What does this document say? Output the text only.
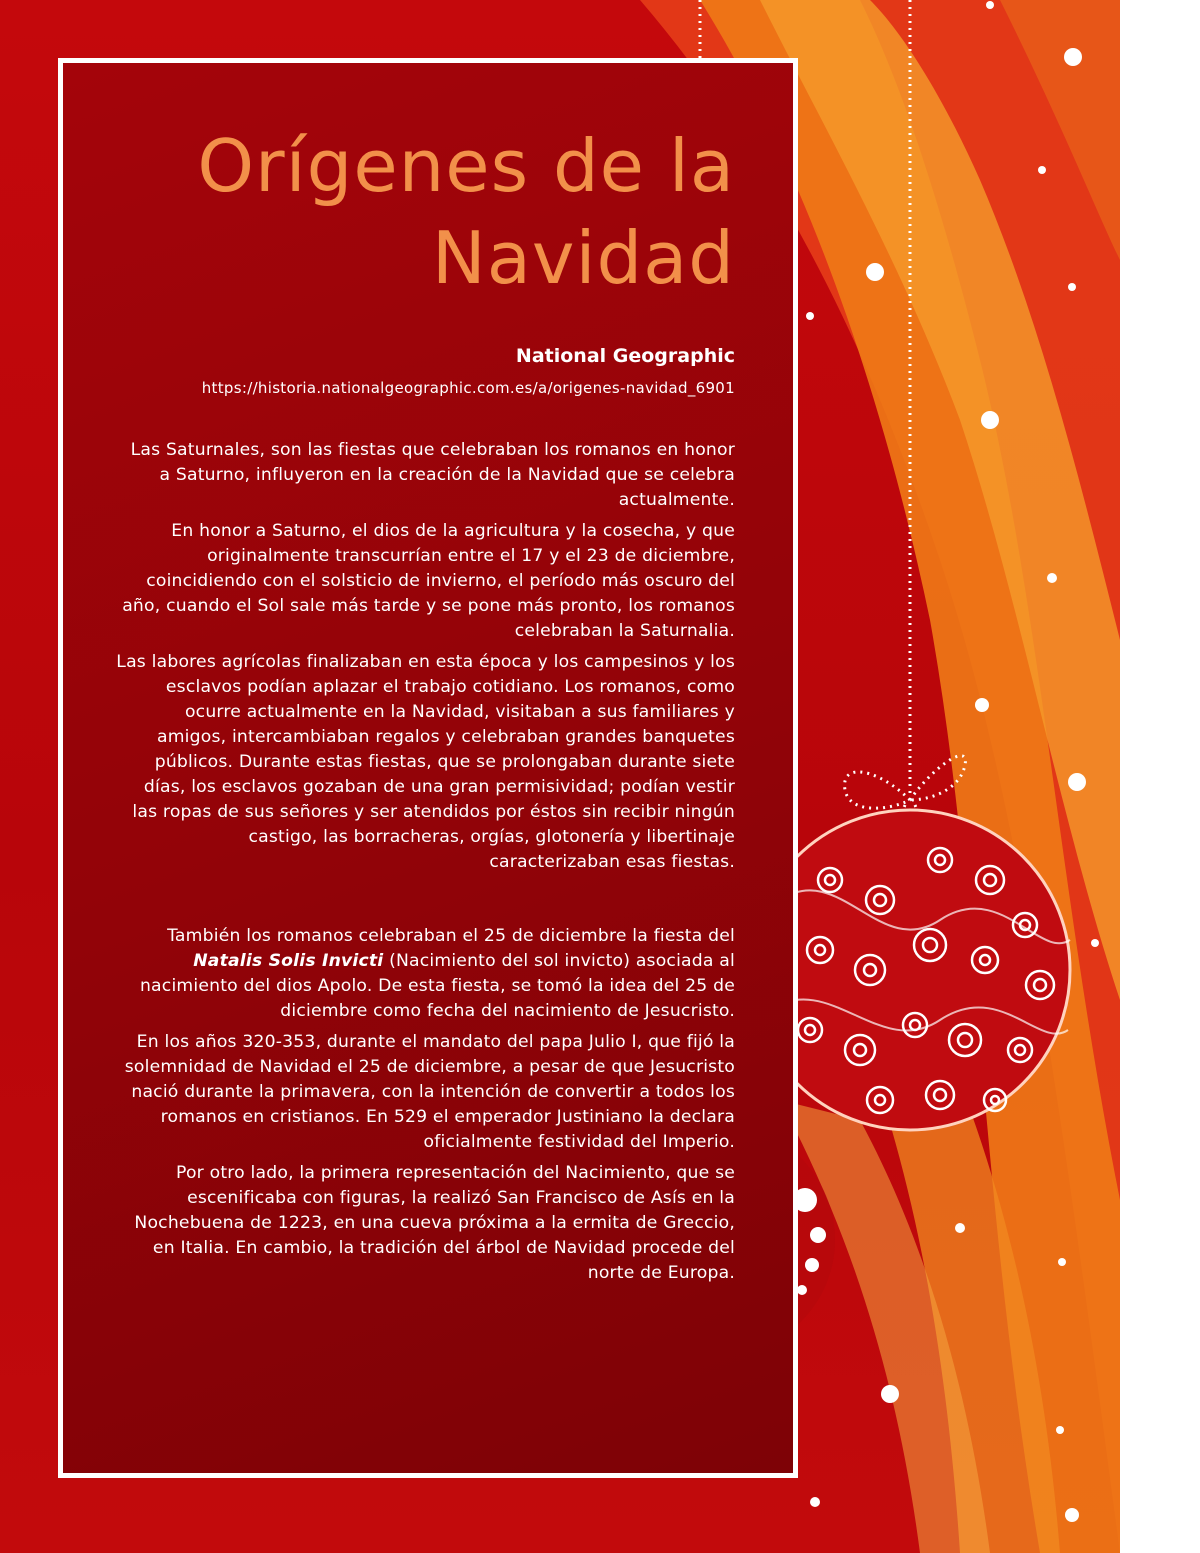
Orígenes de la
Navidad
National Geographic
https://historia.nationalgeographic.com.es/a/origenes-navidad_6901

Las Saturnales, son las fiestas que celebraban los romanos en honor a Saturno, influyeron en la creación de la Navidad que se celebra actualmente.

En honor a Saturno, el dios de la agricultura y la cosecha, y que originalmente transcurrían entre el 17 y el 23 de diciembre, coincidiendo con el solsticio de invierno, el período más oscuro del año, cuando el Sol sale más tarde y se pone más pronto, los romanos celebraban la Saturnalia.

Las labores agrícolas finalizaban en esta época y los campesinos y los esclavos podían aplazar el trabajo cotidiano. Los romanos, como ocurre actualmente en la Navidad, visitaban a sus familiares y amigos, intercambiaban regalos y celebraban grandes banquetes públicos. Durante estas fiestas, que se prolongaban durante siete días, los esclavos gozaban de una gran permisividad; podían vestir las ropas de sus señores y ser atendidos por éstos sin recibir ningún castigo, las borracheras, orgías, glotonería y libertinaje caracterizaban esas fiestas.

También los romanos celebraban el 25 de diciembre la fiesta del Natalis Solis Invicti (Nacimiento del sol invicto) asociada al nacimiento del dios Apolo. De esta fiesta, se tomó la idea del 25 de diciembre como fecha del nacimiento de Jesucristo.

En los años 320-353, durante el mandato del papa Julio I, que fijó la solemnidad de Navidad el 25 de diciembre, a pesar de que Jesucristo nació durante la primavera, con la intención de convertir a todos los romanos en cristianos. En 529 el emperador Justiniano la declara oficialmente festividad del Imperio.

Por otro lado, la primera representación del Nacimiento, que se escenificaba con figuras, la realizó San Francisco de Asís en la Nochebuena de 1223, en una cueva próxima a la ermita de Greccio, en Italia. En cambio, la tradición del árbol de Navidad procede del norte de Europa.
